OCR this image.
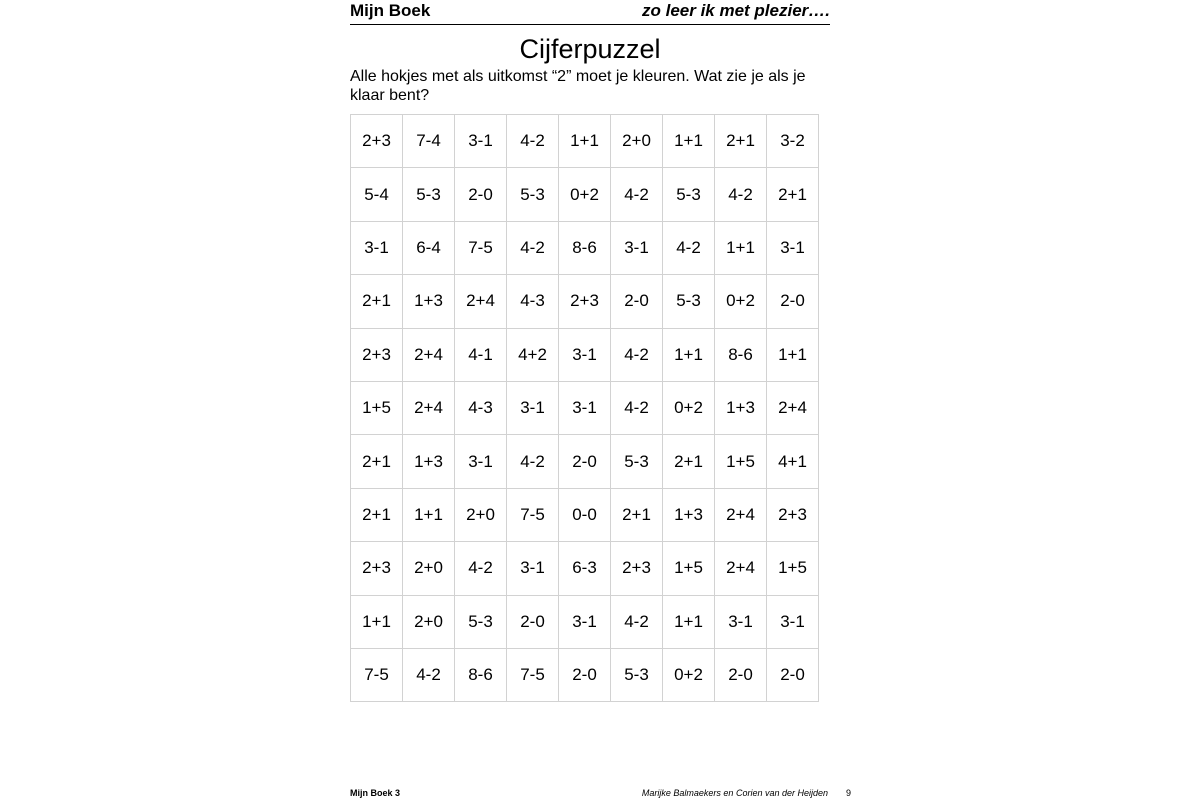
Mijn Boek	zo leer ik met plezier….
Cijferpuzzel
Alle hokjes met als uitkomst “2” moet je kleuren. Wat zie je als je klaar bent?
2+3	7-4	3-1	4-2	1+1	2+0	1+1	2+1	3-2
5-4	5-3	2-0	5-3	0+2	4-2	5-3	4-2	2+1
3-1	6-4	7-5	4-2	8-6	3-1	4-2	1+1	3-1
2+1	1+3	2+4	4-3	2+3	2-0	5-3	0+2	2-0
2+3	2+4	4-1	4+2	3-1	4-2	1+1	8-6	1+1
1+5	2+4	4-3	3-1	3-1	4-2	0+2	1+3	2+4
2+1	1+3	3-1	4-2	2-0	5-3	2+1	1+5	4+1
2+1	1+1	2+0	7-5	0-0	2+1	1+3	2+4	2+3
2+3	2+0	4-2	3-1	6-3	2+3	1+5	2+4	1+5
1+1	2+0	5-3	2-0	3-1	4-2	1+1	3-1	3-1
7-5	4-2	8-6	7-5	2-0	5-3	0+2	2-0	2-0
Mijn Boek 3	Marijke Balmaekers en Corien van der Heijden 9
